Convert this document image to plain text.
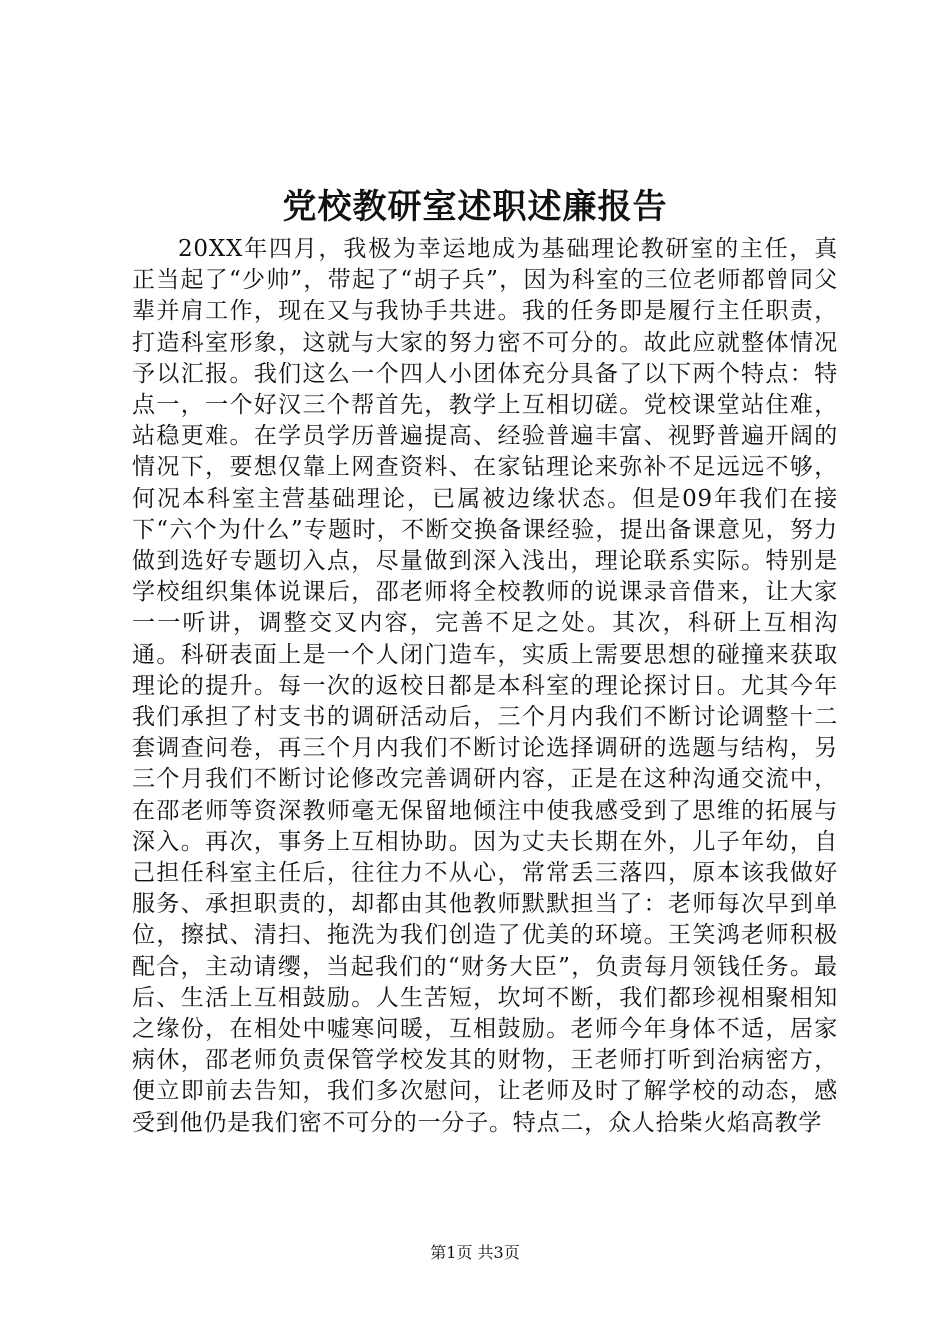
党校教研室述职述廉报告

20XX年四月，我极为幸运地成为基础理论教研室的主任，真正当起了“少帅”，带起了“胡子兵”，因为科室的三位老师都曾同父辈并肩工作，现在又与我协手共进。我的任务即是履行主任职责，打造科室形象，这就与大家的努力密不可分的。故此应就整体情况予以汇报。我们这么一个四人小团体充分具备了以下两个特点：特点一，一个好汉三个帮首先，教学上互相切磋。党校课堂站住难，站稳更难。在学员学历普遍提高、经验普遍丰富、视野普遍开阔的情况下，要想仅靠上网查资料、在家钻理论来弥补不足远远不够，何况本科室主营基础理论，已属被边缘状态。但是09年我们在接下“六个为什么”专题时，不断交换备课经验，提出备课意见，努力做到选好专题切入点，尽量做到深入浅出，理论联系实际。特别是学校组织集体说课后，邵老师将全校教师的说课录音借来，让大家一一听讲，调整交叉内容，完善不足之处。其次，科研上互相沟通。科研表面上是一个人闭门造车，实质上需要思想的碰撞来获取理论的提升。每一次的返校日都是本科室的理论探讨日。尤其今年我们承担了村支书的调研活动后，三个月内我们不断讨论调整十二套调查问卷，再三个月内我们不断讨论选择调研的选题与结构，另三个月我们不断讨论修改完善调研内容，正是在这种沟通交流中，在邵老师等资深教师毫无保留地倾注中使我感受到了思维的拓展与深入。再次，事务上互相协助。因为丈夫长期在外，儿子年幼，自己担任科室主任后，往往力不从心，常常丢三落四，原本该我做好服务、承担职责的，却都由其他教师默默担当了：老师每次早到单位，擦拭、清扫、拖洗为我们创造了优美的环境。王笑鸿老师积极配合，主动请缨，当起我们的“财务大臣”，负责每月领钱任务。最后、生活上互相鼓励。人生苦短，坎坷不断，我们都珍视相聚相知之缘份，在相处中嘘寒问暖，互相鼓励。老师今年身体不适，居家病休，邵老师负责保管学校发其的财物，王老师打听到治病密方，便立即前去告知，我们多次慰问，让老师及时了解学校的动态，感受到他仍是我们密不可分的一分子。特点二，众人拾柴火焰高教学

第1页 共3页
